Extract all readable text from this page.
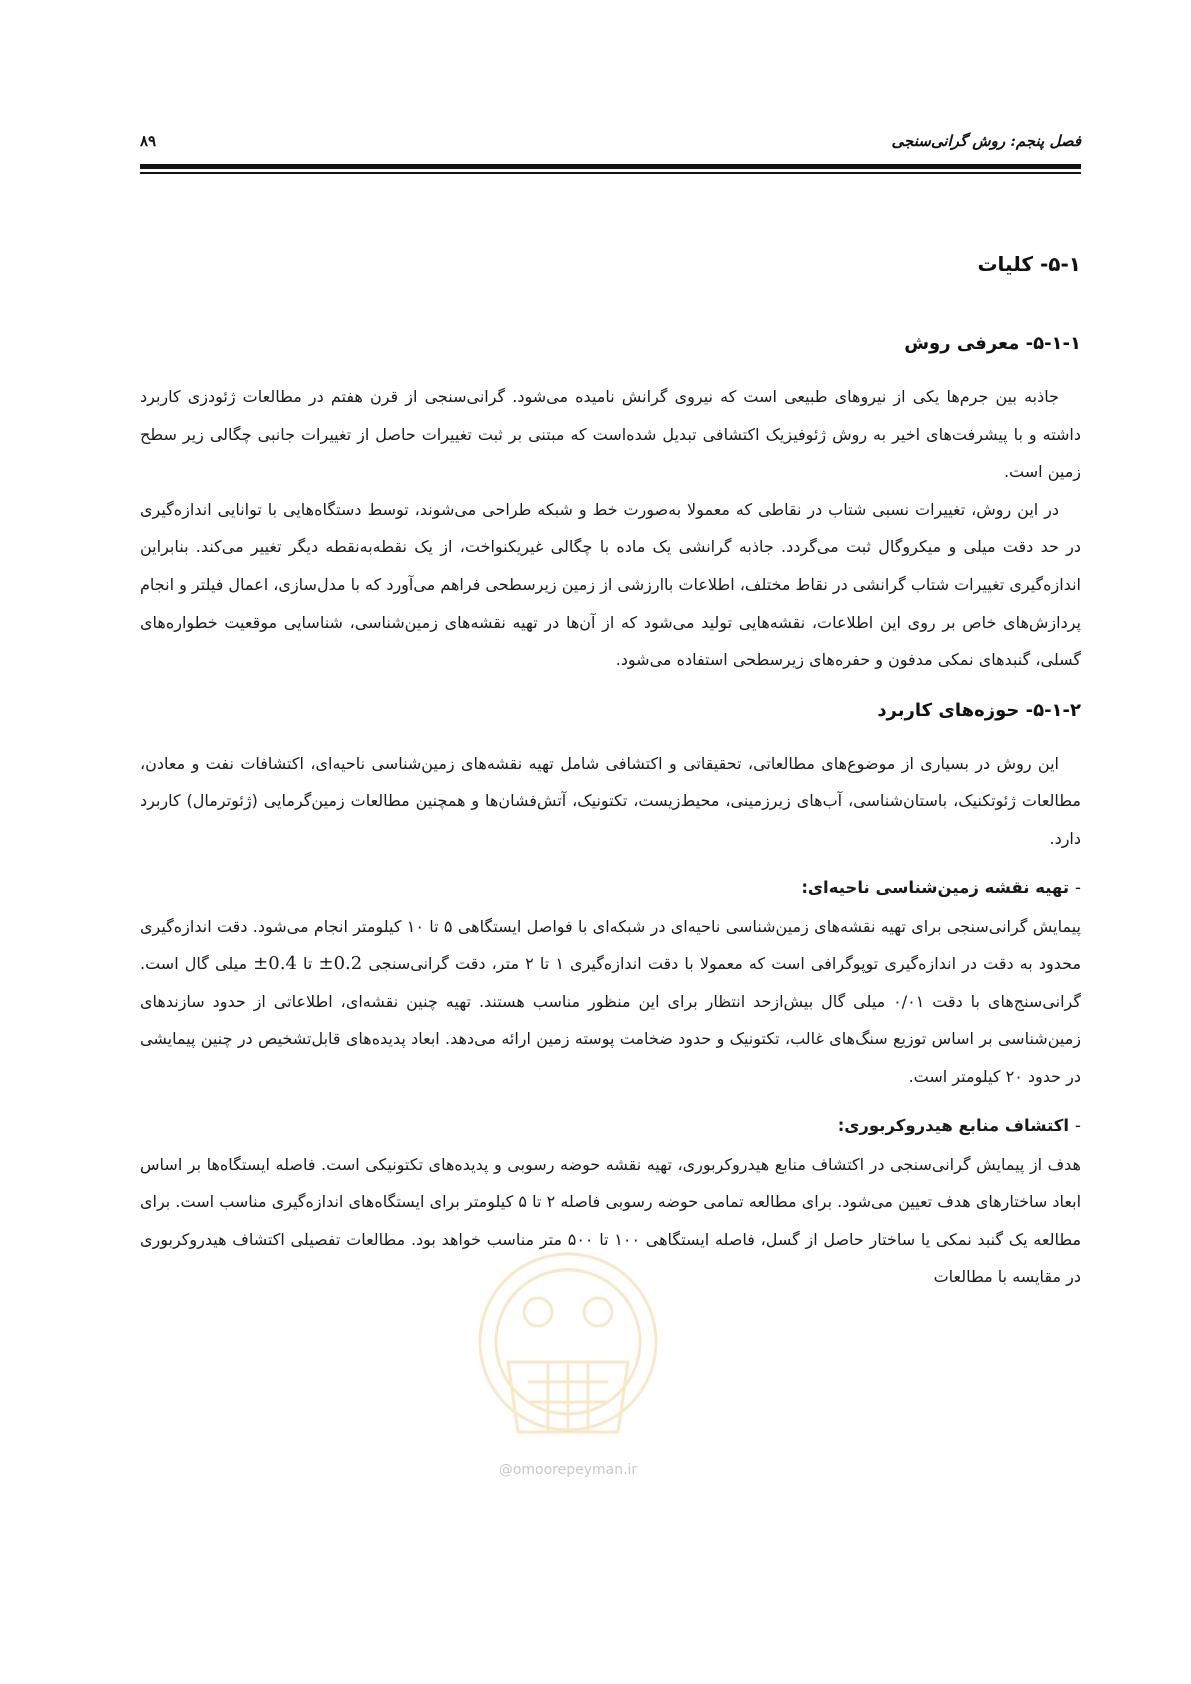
فصل پنجم: روش گرانی‌سنجی
۸۹
۵-۱- کلیات
۵-۱-۱- معرفی روش

جاذبه بین جرم‌ها یکی از نیروهای طبیعی است که نیروی گرانش نامیده می‌شود. گرانی‌سنجی از قرن هفتم در مطالعات ژئودزی کاربرد داشته و با پیشرفت‌های اخیر به روش ژئوفیزیک اکتشافی تبدیل شده‌است که مبتنی بر ثبت تغییرات حاصل از تغییرات جانبی چگالی زیر سطح زمین است.

در این روش، تغییرات نسبی شتاب در نقاطی که معمولا به‌صورت خط و شبکه طراحی می‌شوند، توسط دستگاه‌هایی با توانایی اندازه‌گیری در حد دقت میلی و میکروگال ثبت می‌گردد. جاذبه گرانشی یک ماده با چگالی غیریکنواخت، از یک نقطه‌به‌نقطه دیگر تغییر می‌کند. بنابراین اندازه‌گیری تغییرات شتاب گرانشی در نقاط مختلف، اطلاعات باارزشی از زمین زیرسطحی فراهم می‌آورد که با مدل‌سازی، اعمال فیلتر و انجام پردازش‌های خاص بر روی این اطلاعات، نقشه‌هایی تولید می‌شود که از آن‌ها در تهیه نقشه‌های زمین‌شناسی، شناسایی موقعیت خطواره‌های گسلی، گنبدهای نمکی مدفون و حفره‌های زیرسطحی استفاده می‌شود.

۵-۱-۲- حوزه‌های کاربرد

این روش در بسیاری از موضوع‌های مطالعاتی، تحقیقاتی و اکتشافی شامل تهیه نقشه‌های زمین‌شناسی ناحیه‌ای، اکتشافات نفت و معادن، مطالعات ژئوتکنیک، باستان‌شناسی، آب‌های زیرزمینی، محیط‌زیست، تکتونیک، آتش‌فشان‌ها و همچنین مطالعات زمین‌گرمایی (ژئوترمال) کاربرد دارد.

-تهیه نقشه زمین‌شناسی ناحیه‌ای:

پیمایش گرانی‌سنجی برای تهیه نقشه‌های زمین‌شناسی ناحیه‌ای در شبکه‌ای با فواصل ایستگاهی ۵ تا ۱۰ کیلومتر انجام می‌شود. دقت اندازه‌گیری محدود به دقت در اندازه‌گیری توپوگرافی است که معمولا با دقت اندازه‌گیری ۱ تا ۲ متر، دقت گرانی‌سنجی ±0.2 تا ±0.4 میلی گال است. گرانی‌سنج‌های با دقت ۰/۰۱ میلی گال بیش‌ازحد انتظار برای این منظور مناسب هستند. تهیه چنین نقشه‌ای، اطلاعاتی از حدود سازندهای زمین‌شناسی بر اساس توزیع سنگ‌های غالب، تکتونیک و حدود ضخامت پوسته زمین ارائه می‌دهد. ابعاد پدیده‌های قابل‌تشخیص در چنین پیمایشی در حدود ۲۰ کیلومتر است.

-اکتشاف منابع هیدروکربوری:

هدف از پیمایش گرانی‌سنجی در اکتشاف منابع هیدروکربوری، تهیه نقشه حوضه رسوبی و پدیده‌های تکتونیکی است. فاصله ایستگاه‌ها بر اساس ابعاد ساختارهای هدف تعیین می‌شود. برای مطالعه تمامی حوضه رسوبی فاصله ۲ تا ۵ کیلومتر برای ایستگاه‌های اندازه‌گیری مناسب است. برای مطالعه یک گنبد نمکی یا ساختار حاصل از گسل، فاصله ایستگاهی ۱۰۰ تا ۵۰۰ متر مناسب خواهد بود. مطالعات تفصیلی اکتشاف هیدروکربوری در مقایسه با مطالعات

@omoorepeyman.ir
